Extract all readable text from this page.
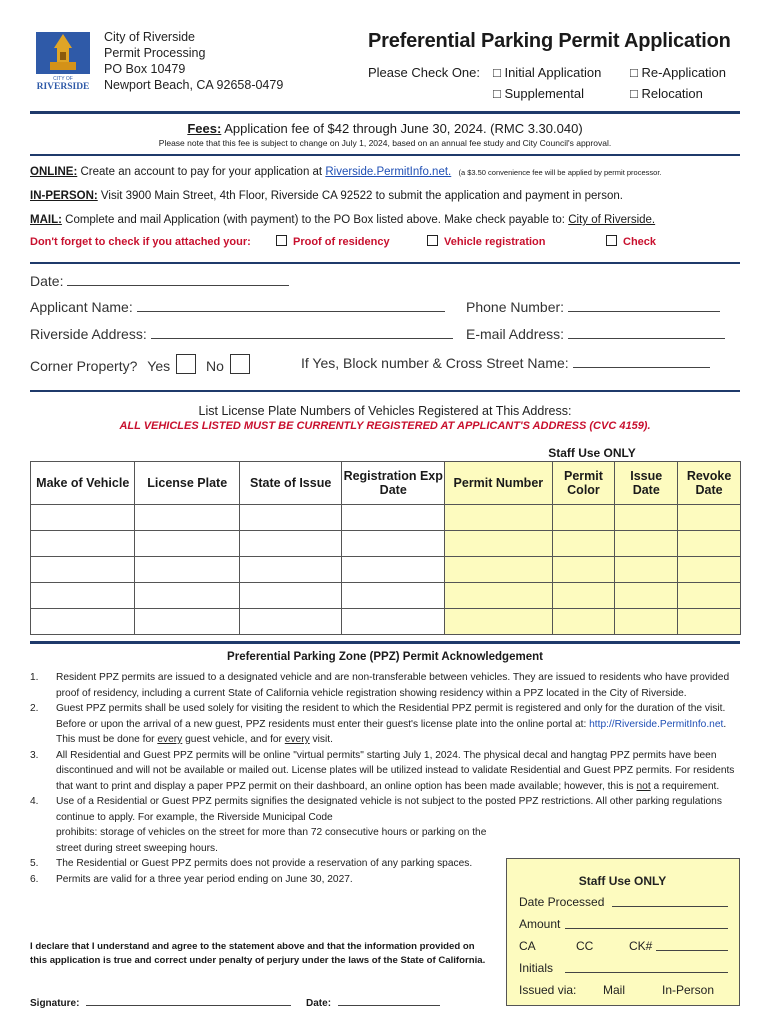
CITY OF
RIVERSIDE
City of Riverside
Permit Processing
PO Box 10479
Newport Beach, CA 92658-0479
Preferential Parking Permit Application
Please Check One: □ Initial Application □ Re-Application
□ Supplemental	□ Relocation
Fees: Application fee of $42 through June 30, 2024. (RMC 3.30.040)
Please note that this fee is subject to change on July 1, 2024, based on an annual fee study and City Council's approval.
ONLINE: Create an account to pay for your application at Riverside.PermitInfo.net. (a $3.50 convenience fee will be applied by permit processor.
IN-PERSON: Visit 3900 Main Street, 4th Floor, Riverside CA 92522 to submit the application and payment in person.
MAIL: Complete and mail Application (with payment) to the PO Box listed above. Make check payable to: City of Riverside.
Don't forget to check if you attached your:	Proof of residency	Vehicle registration	Check
Date:
Applicant Name:	Phone Number:
Riverside Address:	E-mail Address:
Corner Property? Yes	No	If Yes, Block number & Cross Street Name:
List License Plate Numbers of Vehicles Registered at This Address:
ALL VEHICLES LISTED MUST BE CURRENTLY REGISTERED AT APPLICANT'S ADDRESS (CVC 4159).
Staff Use ONLY
Make of Vehicle	License Plate	State of Issue	Registration Exp Date	Permit Number	Permit Color	Issue Date	Revoke Date

Preferential Parking Zone (PPZ) Permit Acknowledgement
1. Resident PPZ permits are issued to a designated vehicle and are non-transferable between vehicles. They are issued to residents who have provided proof of residency, including a current State of California vehicle registration showing residency within a PPZ located in the City of Riverside.
2. Guest PPZ permits shall be used solely for visiting the resident to which the Residential PPZ permit is registered and only for the duration of the visit. Before or upon the arrival of a new guest, PPZ residents must enter their guest's license plate into the online portal at: http://Riverside.PermitInfo.net. This must be done for every guest vehicle, and for every visit.
3. All Residential and Guest PPZ permits will be online "virtual permits" starting July 1, 2024. The physical decal and hangtag PPZ permits have been discontinued and will not be available or mailed out. License plates will be utilized instead to validate Residential and Guest PPZ permits. For residents that want to print and display a paper PPZ permit on their dashboard, an online option has been made available; however, this is not a requirement.
4. Use of a Residential or Guest PPZ permits signifies the designated vehicle is not subject to the posted PPZ restrictions. All other parking regulations continue to apply. For example, the Riverside Municipal Code
prohibits: storage of vehicles on the street for more than 72 consecutive hours or parking on the street during street sweeping hours.
5. The Residential or Guest PPZ permits does not provide a reservation of any parking spaces.
6. Permits are valid for a three year period ending on June 30, 2027.
I declare that I understand and agree to the statement above and that the information provided on this application is true and correct under penalty of perjury under the laws of the State of California.
Signature:	Date:
Staff Use ONLY
Date Processed
Amount
CA	CC	CK#
Initials
Issued via: Mail	In-Person
